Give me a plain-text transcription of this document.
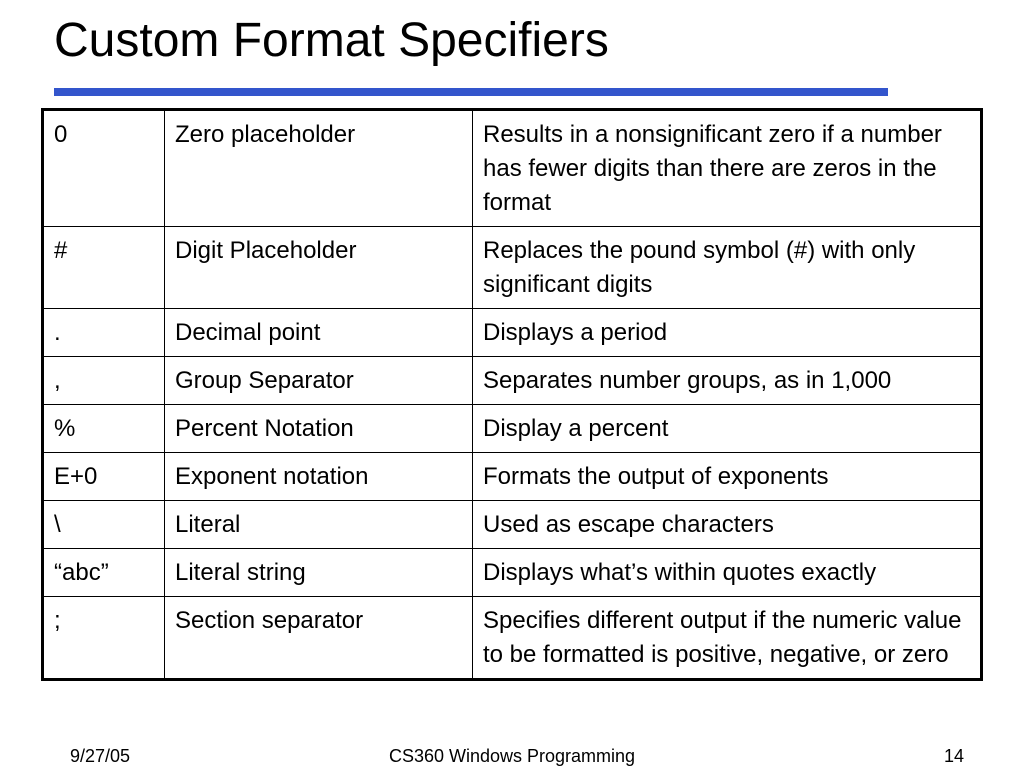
Custom Format Specifiers
0	Zero placeholder	Results in a nonsignificant zero if a number has fewer digits than there are zeros in the format
#	Digit Placeholder	Replaces the pound symbol (#) with only significant digits
.	Decimal point	Displays a period
,	Group Separator	Separates number groups, as in 1,000
%	Percent Notation	Display a percent
E+0	Exponent notation	Formats the output of exponents
\	Literal	Used as escape characters
“abc”	Literal string	Displays what’s within quotes exactly
;	Section separator	Specifies different output if the numeric value to be formatted is positive, negative, or zero
9/27/05	CS360 Windows Programming	14
